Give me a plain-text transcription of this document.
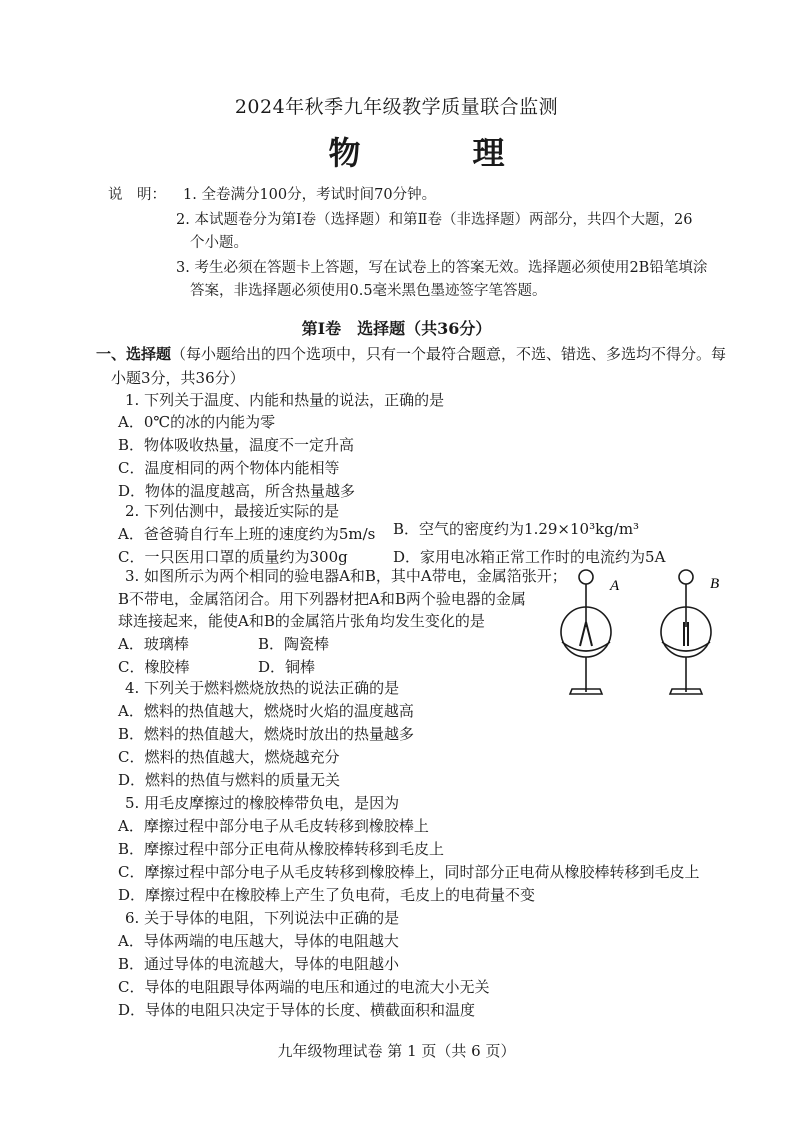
2024年秋季九年级教学质量联合监测
物　理
说　明： 1. 全卷满分100分，考试时间70分钟。
2. 本试题卷分为第Ⅰ卷（选择题）和第Ⅱ卷（非选择题）两部分，共四个大题，26
个小题。
3. 考生必须在答题卡上答题，写在试卷上的答案无效。选择题必须使用2B铅笔填涂
答案，非选择题必须使用0.5毫米黑色墨迹签字笔答题。
第Ⅰ卷　选择题（共36分）
一、选择题（每小题给出的四个选项中，只有一个最符合题意，不选、错选、多选均不得分。每
小题3分，共36分）
1. 下列关于温度、内能和热量的说法，正确的是
A．0℃的冰的内能为零
B．物体吸收热量，温度不一定升高
C．温度相同的两个物体内能相等
D．物体的温度越高，所含热量越多
2. 下列估测中，最接近实际的是
A．爸爸骑自行车上班的速度约为5m/s B．空气的密度约为1.29×10³kg/m³
C．一只医用口罩的质量约为300g	D．家用电冰箱正常工作时的电流约为5A
3. 如图所示为两个相同的验电器A和B，其中A带电，金属箔张开；
B不带电，金属箔闭合。用下列器材把A和B两个验电器的金属
球连接起来，能使A和B的金属箔片张角均发生变化的是
A．玻璃棒	B．陶瓷棒
C．橡胶棒	D．铜棒
A	B
4. 下列关于燃料燃烧放热的说法正确的是
A．燃料的热值越大，燃烧时火焰的温度越高
B．燃料的热值越大，燃烧时放出的热量越多
C．燃料的热值越大，燃烧越充分
D．燃料的热值与燃料的质量无关
5. 用毛皮摩擦过的橡胶棒带负电，是因为
A．摩擦过程中部分电子从毛皮转移到橡胶棒上
B．摩擦过程中部分正电荷从橡胶棒转移到毛皮上
C．摩擦过程中部分电子从毛皮转移到橡胶棒上，同时部分正电荷从橡胶棒转移到毛皮上
D．摩擦过程中在橡胶棒上产生了负电荷，毛皮上的电荷量不变
6. 关于导体的电阻，下列说法中正确的是
A．导体两端的电压越大，导体的电阻越大
B．通过导体的电流越大，导体的电阻越小
C．导体的电阻跟导体两端的电压和通过的电流大小无关
D．导体的电阻只决定于导体的长度、横截面积和温度
九年级物理试卷 第 1 页（共 6 页）
